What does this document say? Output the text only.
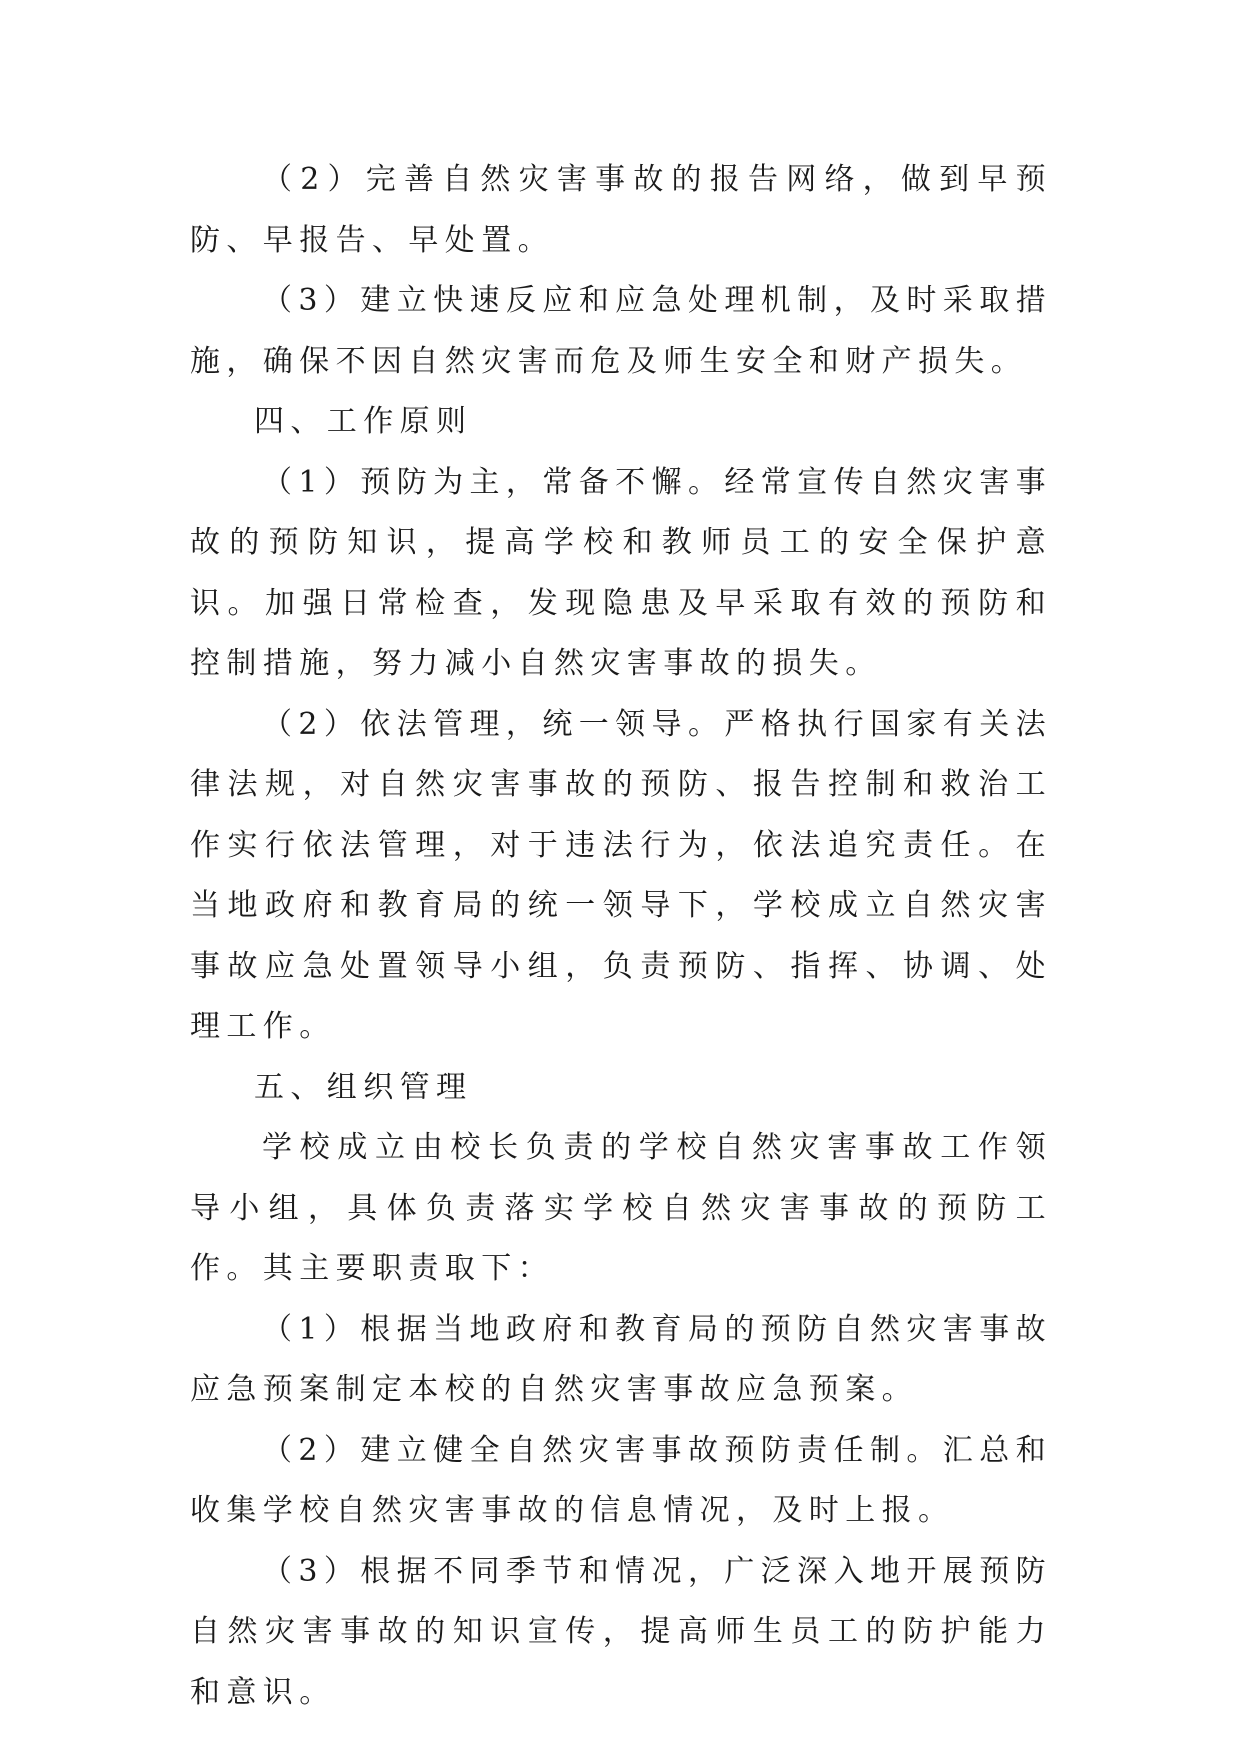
（2）完善自然灾害事故的报告网络，做到早预防、早报告、早处置。

（3）建立快速反应和应急处理机制，及时采取措施，确保不因自然灾害而危及师生安全和财产损失。

四、工作原则

（1）预防为主，常备不懈。经常宣传自然灾害事故的预防知识，提高学校和教师员工的安全保护意识。加强日常检查，发现隐患及早采取有效的预防和控制措施，努力减小自然灾害事故的损失。

（2）依法管理，统一领导。严格执行国家有关法律法规，对自然灾害事故的预防、报告控制和救治工作实行依法管理，对于违法行为，依法追究责任。在当地政府和教育局的统一领导下，学校成立自然灾害事故应急处置领导小组，负责预防、指挥、协调、处理工作。

五、组织管理

学校成立由校长负责的学校自然灾害事故工作领导小组，具体负责落实学校自然灾害事故的预防工作。其主要职责取下：

（1）根据当地政府和教育局的预防自然灾害事故应急预案制定本校的自然灾害事故应急预案。

（2）建立健全自然灾害事故预防责任制。汇总和收集学校自然灾害事故的信息情况，及时上报。

（3）根据不同季节和情况，广泛深入地开展预防自然灾害事故的知识宣传，提高师生员工的防护能力和意识。
